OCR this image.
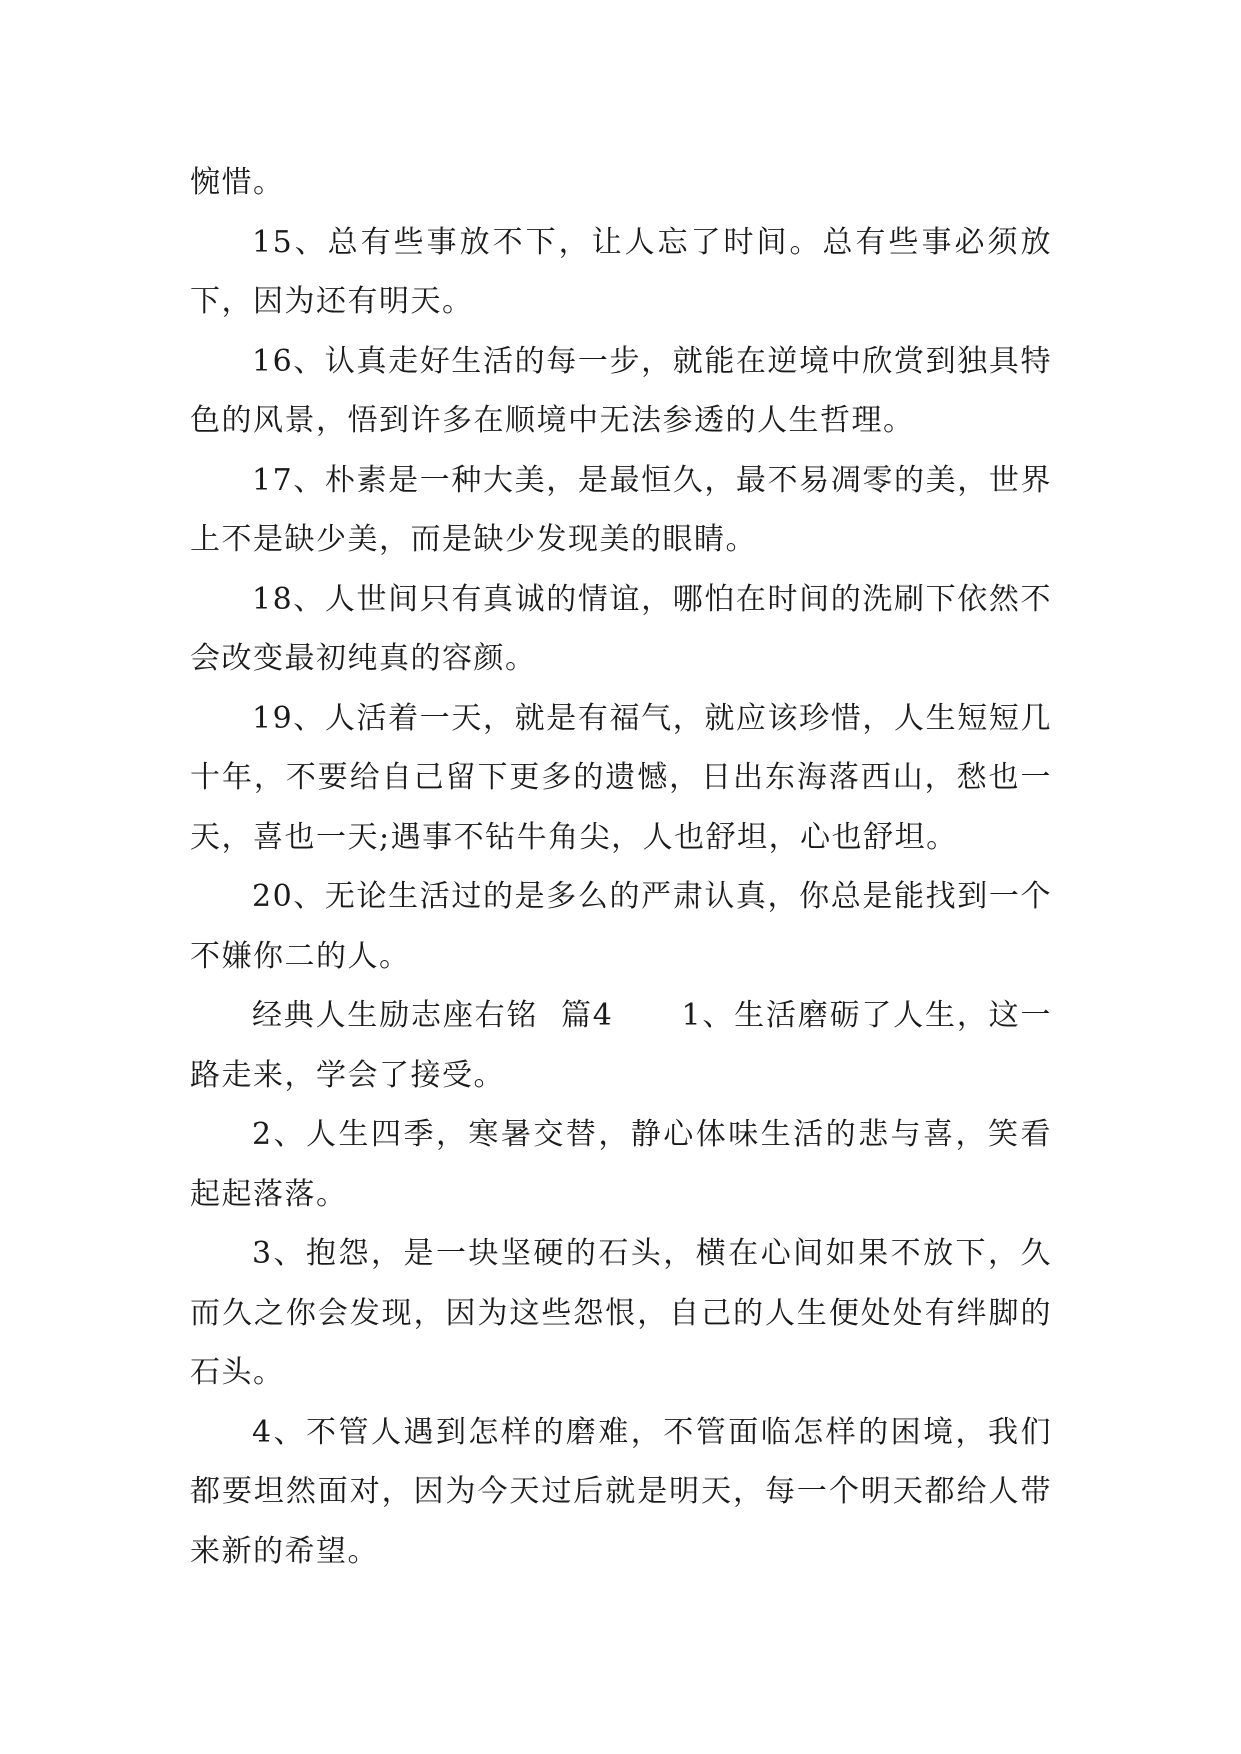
惋惜。

15、总有些事放不下，让人忘了时间。总有些事必须放下，因为还有明天。

16、认真走好生活的每一步，就能在逆境中欣赏到独具特色的风景，悟到许多在顺境中无法参透的人生哲理。

17、朴素是一种大美，是最恒久，最不易凋零的美，世界上不是缺少美，而是缺少发现美的眼睛。

18、人世间只有真诚的情谊，哪怕在时间的洗刷下依然不会改变最初纯真的容颜。

19、人活着一天，就是有福气，就应该珍惜，人生短短几十年，不要给自己留下更多的遗憾，日出东海落西山，愁也一天，喜也一天;遇事不钻牛角尖，人也舒坦，心也舒坦。

20、无论生活过的是多么的严肃认真，你总是能找到一个不嫌你二的人。

经典人生励志座右铭  篇4      1、生活磨砺了人生，这一路走来，学会了接受。

2、人生四季，寒暑交替，静心体味生活的悲与喜，笑看起起落落。

3、抱怨，是一块坚硬的石头，横在心间如果不放下，久而久之你会发现，因为这些怨恨，自己的人生便处处有绊脚的石头。

4、不管人遇到怎样的磨难，不管面临怎样的困境，我们都要坦然面对，因为今天过后就是明天，每一个明天都给人带来新的希望。
